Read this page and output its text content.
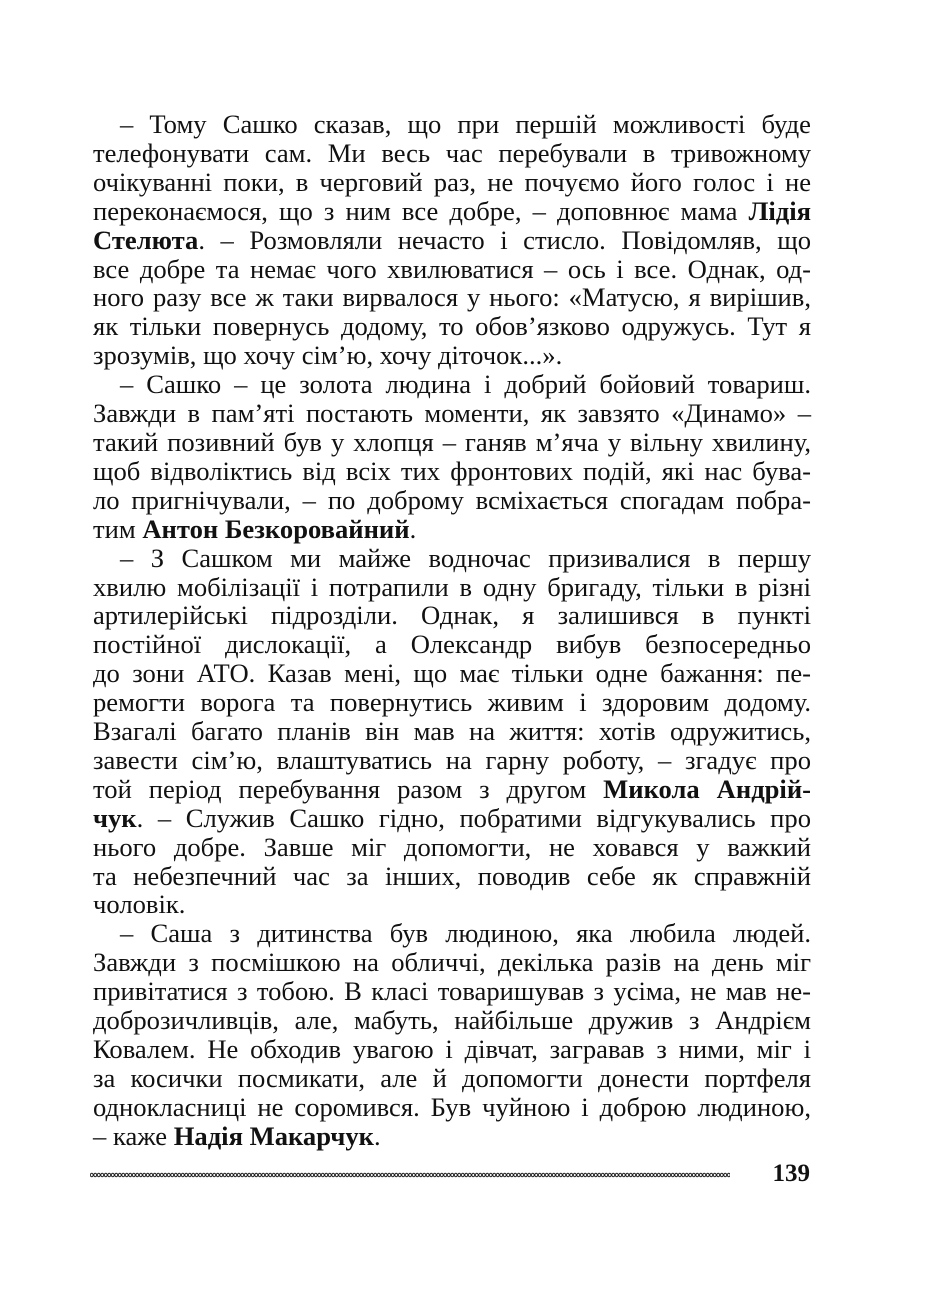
– Тому Сашко сказав, що при першій можливості буде
телефонувати сам. Ми весь час перебували в тривожному
очікуванні поки, в черговий раз, не почуємо його голос і не
переконаємося, що з ним все добре, – доповнює мама Лідія
Стелюта. – Розмовляли нечасто і стисло. Повідомляв, що
все добре та немає чого хвилюватися – ось і все. Однак, од-
ного разу все ж таки вирвалося у нього: «Матусю, я вирішив,
як тільки повернусь додому, то обов’язково одружусь. Тут я
зрозумів, що хочу сім’ю, хочу діточок...».
– Сашко – це золота людина і добрий бойовий товариш.
Завжди в пам’яті постають моменти, як завзято «Динамо» –
такий позивний був у хлопця – ганяв м’яча у вільну хвилину,
щоб відволіктись від всіх тих фронтових подій, які нас бува-
ло пригнічували, – по доброму всміхається спогадам побра-
тим Антон Безкоровайний.
– З Сашком ми майже водночас призивалися в першу
хвилю мобілізації і потрапили в одну бригаду, тільки в різні
артилерійські підрозділи. Однак, я залишився в пункті
постійної дислокації, а Олександр вибув безпосередньо
до зони АТО. Казав мені, що має тільки одне бажання: пе-
ремогти ворога та повернутись живим і здоровим додому.
Взагалі багато планів він мав на життя: хотів одружитись,
завести сім’ю, влаштуватись на гарну роботу, – згадує про
той період перебування разом з другом Микола Андрій-
чук. – Служив Сашко гідно, побратими відгукувались про
нього добре. Завше міг допомогти, не ховався у важкий
та небезпечний час за інших, поводив себе як справжній
чоловік.
– Саша з дитинства був людиною, яка любила людей.
Завжди з посмішкою на обличчі, декілька разів на день міг
привітатися з тобою. В класі товаришував з усіма, не мав не-
доброзичливців, але, мабуть, найбільше дружив з Андрієм
Ковалем. Не обходив увагою і дівчат, загравав з ними, міг і
за косички посмикати, але й допомогти донести портфеля
однокласниці не соромився. Був чуйною і доброю людиною,
– каже Надія Макарчук.
139
